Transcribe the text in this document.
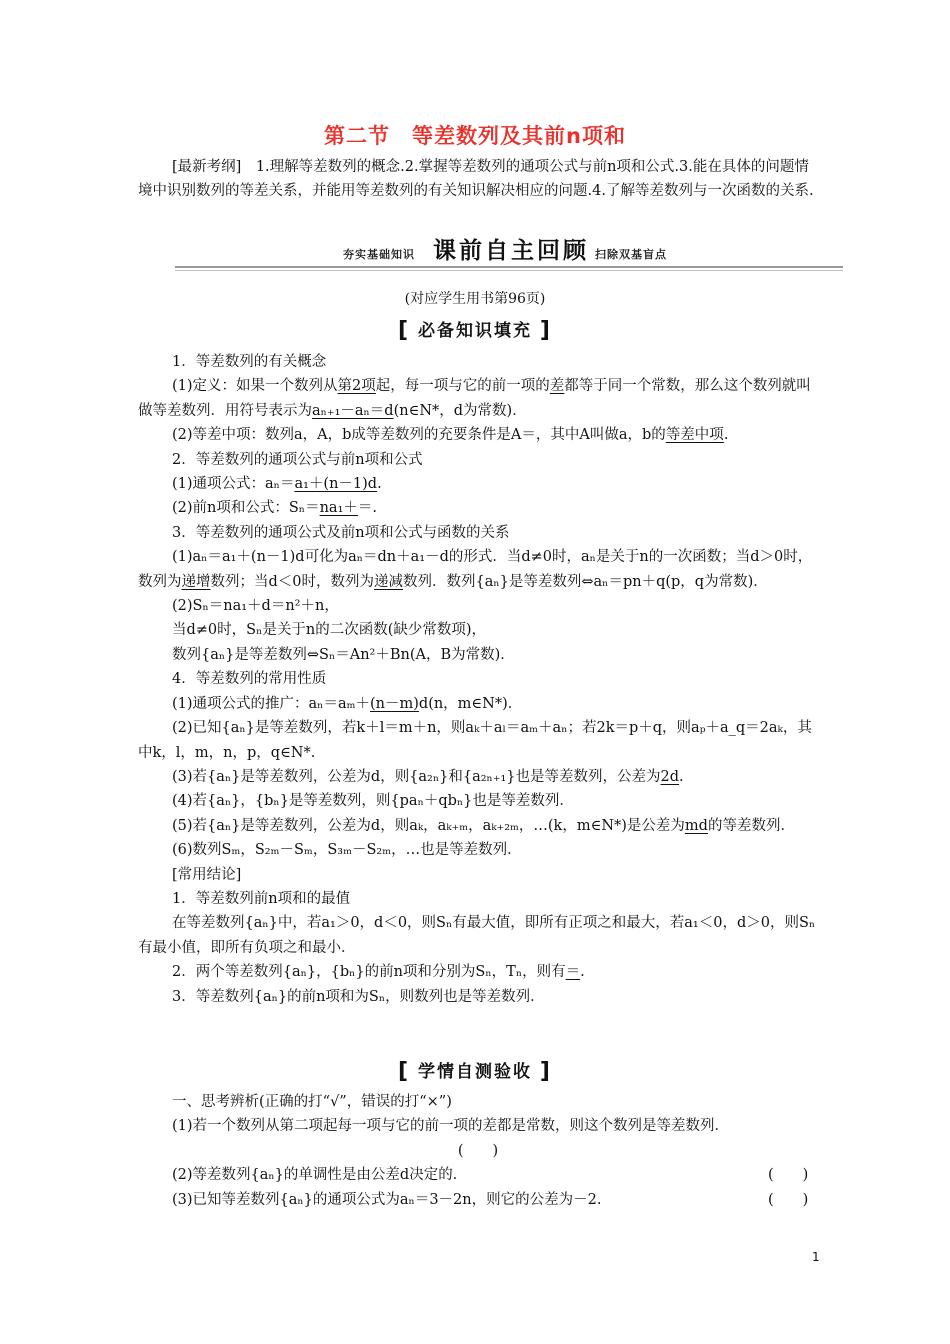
第二节　等差数列及其前n项和

[最新考纲]　1.理解等差数列的概念.2.掌握等差数列的通项公式与前n项和公式.3.能在具体的问题情境中识别数列的等差关系，并能用等差数列的有关知识解决相应的问题.4.了解等差数列与一次函数的关系.

夯实基础知识 课前自主回顾 扫除双基盲点
(对应学生用书第96页)
[ 必备知识填充 ]

1．等差数列的有关概念

(1)定义：如果一个数列从第2项起，每一项与它的前一项的差都等于同一个常数，那么这个数列就叫做等差数列．用符号表示为aₙ₊₁－aₙ＝d(n∈N*，d为常数)．

(2)等差中项：数列a，A，b成等差数列的充要条件是A＝，其中A叫做a，b的等差中项.

2．等差数列的通项公式与前n项和公式

(1)通项公式：aₙ＝a₁＋(n－1)d.

(2)前n项和公式：Sₙ＝na₁＋＝.

3．等差数列的通项公式及前n项和公式与函数的关系

(1)aₙ＝a₁＋(n－1)d可化为aₙ＝dn＋a₁－d的形式．当d≠0时，aₙ是关于n的一次函数；当d＞0时，数列为递增数列；当d＜0时，数列为递减数列．数列{aₙ}是等差数列⇔aₙ＝pn＋q(p，q为常数)．

(2)Sₙ＝na₁＋d＝n²＋n，

当d≠0时，Sₙ是关于n的二次函数(缺少常数项)，

数列{aₙ}是等差数列⇔Sₙ＝An²＋Bn(A，B为常数)．

4．等差数列的常用性质

(1)通项公式的推广：aₙ＝aₘ＋(n－m)d(n，m∈N*)．

(2)已知{aₙ}是等差数列，若k＋l＝m＋n，则aₖ＋aₗ＝aₘ＋aₙ；若2k＝p＋q，则aₚ＋a_q＝2aₖ，其中k，l，m，n，p，q∈N*.

(3)若{aₙ}是等差数列，公差为d，则{a₂ₙ}和{a₂ₙ₊₁}也是等差数列，公差为2d.

(4)若{aₙ}，{bₙ}是等差数列，则{paₙ＋qbₙ}也是等差数列．

(5)若{aₙ}是等差数列，公差为d，则aₖ，aₖ₊ₘ，aₖ₊₂ₘ，…(k，m∈N*)是公差为md的等差数列．

(6)数列Sₘ，S₂ₘ－Sₘ，S₃ₘ－S₂ₘ，…也是等差数列．

[常用结论]

1．等差数列前n项和的最值

在等差数列{aₙ}中，若a₁＞0，d＜0，则Sₙ有最大值，即所有正项之和最大，若a₁＜0，d＞0，则Sₙ有最小值，即所有负项之和最小．

2．两个等差数列{aₙ}，{bₙ}的前n项和分别为Sₙ，Tₙ，则有＝.

3．等差数列{aₙ}的前n项和为Sₙ，则数列也是等差数列．

[ 学情自测验收 ]

一、思考辨析(正确的打“√”，错误的打“×”)

(1)若一个数列从第二项起每一项与它的前一项的差都是常数，则这个数列是等差数列．

(　　)

(2)等差数列{aₙ}的单调性是由公差d决定的．	(　　)

(3)已知等差数列{aₙ}的通项公式为aₙ＝3－2n，则它的公差为－2.	(　　)

1
